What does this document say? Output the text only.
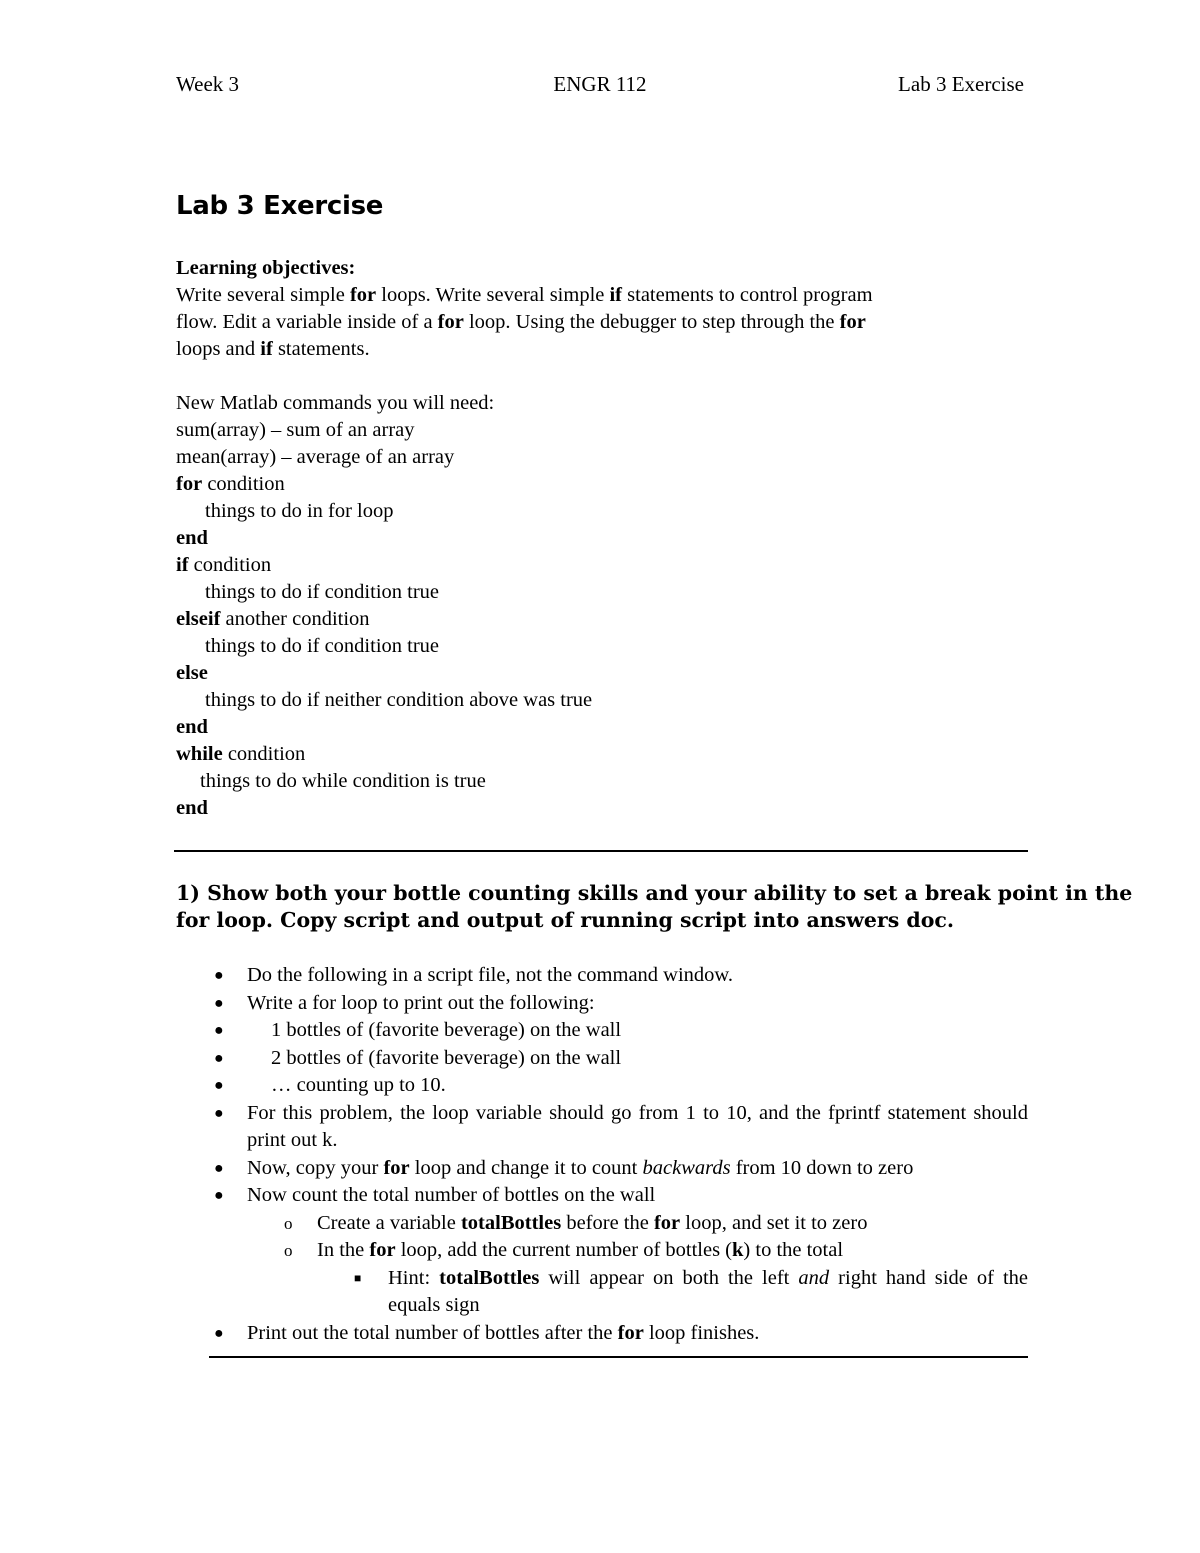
Week 3	ENGR 112	Lab 3 Exercise
Lab 3 Exercise
Learning objectives:
Write several simple for loops. Write several simple if statements to control program
flow. Edit a variable inside of a for loop. Using the debugger to step through the for
loops and if statements.
New Matlab commands you will need:
sum(array) – sum of an array
mean(array) – average of an array
for condition
things to do in for loop
end
if condition
things to do if condition true
elseif another condition
things to do if condition true
else
things to do if neither condition above was true
end
while condition
things to do while condition is true
end
1) Show both your bottle counting skills and your ability to set a break point in the
for loop. Copy script and output of running script into answers doc.
● Do the following in a script file, not the command window.
● Write a for loop to print out the following:
● 1 bottles of (favorite beverage) on the wall
● 2 bottles of (favorite beverage) on the wall
● … counting up to 10.
● For this problem, the loop variable should go from 1 to 10, and the fprintf statement should print out k.
● Now, copy your for loop and change it to count backwards from 10 down to zero
● Now count the total number of bottles on the wall
o Create a variable totalBottles before the for loop, and set it to zero
o In the for loop, add the current number of bottles (k) to the total
■ Hint: totalBottles will appear on both the left and right hand side of the equals sign
● Print out the total number of bottles after the for loop finishes.
